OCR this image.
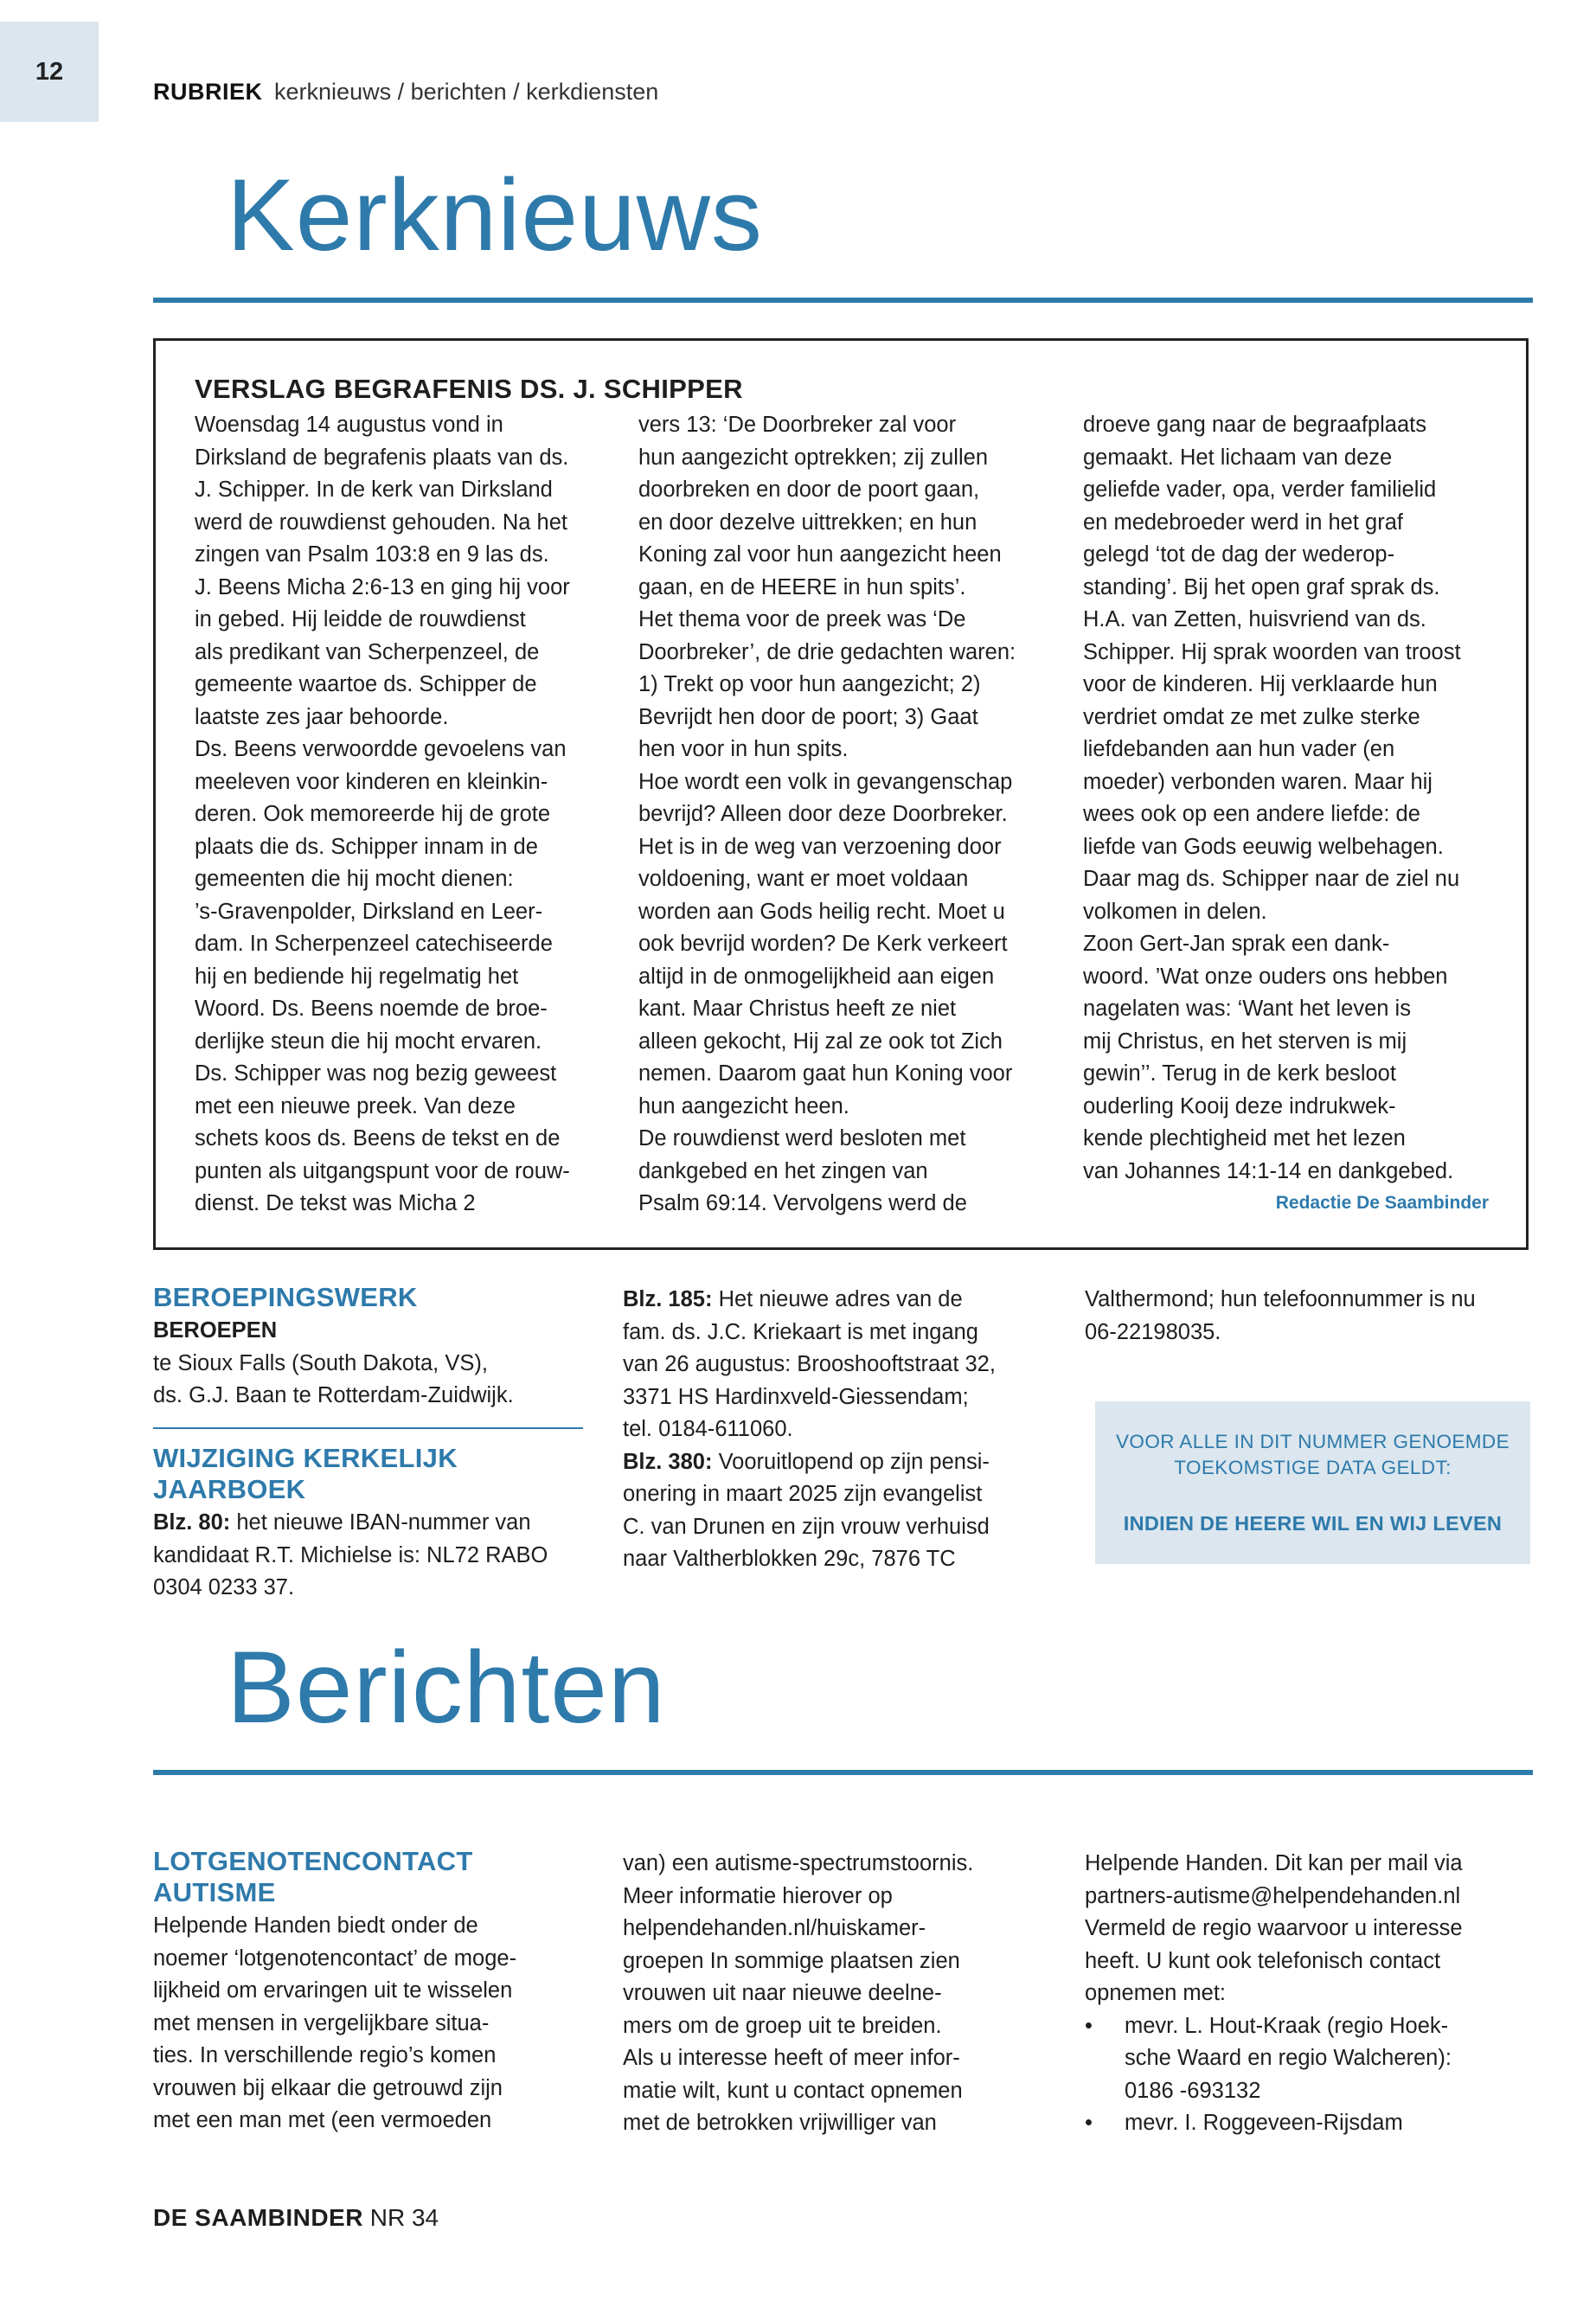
12
RUBRIEK kerknieuws / berichten / kerkdiensten
Kerknieuws
VERSLAG BEGRAFENIS DS. J. SCHIPPER
Woensdag 14 augustus vond in
Dirksland de begrafenis plaats van ds.
J. Schipper. In de kerk van Dirksland
werd de rouwdienst gehouden. Na het
zingen van Psalm 103:8 en 9 las ds.
J. Beens Micha 2:6-13 en ging hij voor
in gebed. Hij leidde de rouwdienst
als predikant van Scherpenzeel, de
gemeente waartoe ds. Schipper de
laatste zes jaar behoorde.
Ds. Beens verwoordde gevoelens van
meeleven voor kinderen en kleinkin-
deren. Ook memoreerde hij de grote
plaats die ds. Schipper innam in de
gemeenten die hij mocht dienen:
’s-Gravenpolder, Dirksland en Leer-
dam. In Scherpenzeel catechiseerde
hij en bediende hij regelmatig het
Woord. Ds. Beens noemde de broe-
derlijke steun die hij mocht ervaren.
Ds. Schipper was nog bezig geweest
met een nieuwe preek. Van deze
schets koos ds. Beens de tekst en de
punten als uitgangspunt voor de rouw-
dienst. De tekst was Micha 2
vers 13: ‘De Doorbreker zal voor
hun aangezicht optrekken; zij zullen
doorbreken en door de poort gaan,
en door dezelve uittrekken; en hun
Koning zal voor hun aangezicht heen
gaan, en de HEERE in hun spits’.
Het thema voor de preek was ‘De
Doorbreker’, de drie gedachten waren:
1) Trekt op voor hun aangezicht; 2)
Bevrijdt hen door de poort; 3) Gaat
hen voor in hun spits.
Hoe wordt een volk in gevangenschap
bevrijd? Alleen door deze Doorbreker.
Het is in de weg van verzoening door
voldoening, want er moet voldaan
worden aan Gods heilig recht. Moet u
ook bevrijd worden? De Kerk verkeert
altijd in de onmogelijkheid aan eigen
kant. Maar Christus heeft ze niet
alleen gekocht, Hij zal ze ook tot Zich
nemen. Daarom gaat hun Koning voor
hun aangezicht heen.
De rouwdienst werd besloten met
dankgebed en het zingen van
Psalm 69:14. Vervolgens werd de
droeve gang naar de begraafplaats
gemaakt. Het lichaam van deze
geliefde vader, opa, verder familielid
en medebroeder werd in het graf
gelegd ‘tot de dag der wederop-
standing’. Bij het open graf sprak ds.
H.A. van Zetten, huisvriend van ds.
Schipper. Hij sprak woorden van troost
voor de kinderen. Hij verklaarde hun
verdriet omdat ze met zulke sterke
liefdebanden aan hun vader (en
moeder) verbonden waren. Maar hij
wees ook op een andere liefde: de
liefde van Gods eeuwig welbehagen.
Daar mag ds. Schipper naar de ziel nu
volkomen in delen.
Zoon Gert-Jan sprak een dank-
woord. ’Wat onze ouders ons hebben
nagelaten was: ‘Want het leven is
mij Christus, en het sterven is mij
gewin’’. Terug in de kerk besloot
ouderling Kooij deze indrukwek-
kende plechtigheid met het lezen
van Johannes 14:1-14 en dankgebed.
Redactie De Saambinder
BEROEPINGSWERK
BEROEPEN
te Sioux Falls (South Dakota, VS),
ds. G.J. Baan te Rotterdam-Zuidwijk.
WIJZIGING KERKELIJK JAARBOEK
Blz. 80: het nieuwe IBAN-nummer van
kandidaat R.T. Michielse is: NL72 RABO
0304 0233 37.
Blz. 185: Het nieuwe adres van de
fam. ds. J.C. Kriekaart is met ingang
van 26 augustus: Brooshooftstraat 32,
3371 HS Hardinxveld-Giessendam;
tel. 0184-611060.
Blz. 380: Vooruitlopend op zijn pensi-
onering in maart 2025 zijn evangelist
C. van Drunen en zijn vrouw verhuisd
naar Valtherblokken 29c, 7876 TC
Valthermond; hun telefoonnummer is nu
06-22198035.
VOOR ALLE IN DIT NUMMER GENOEMDE
TOEKOMSTIGE DATA GELDT:
INDIEN DE HEERE WIL EN WIJ LEVEN
Berichten
LOTGENOTENCONTACT
AUTISME
Helpende Handen biedt onder de
noemer ‘lotgenotencontact’ de moge-
lijkheid om ervaringen uit te wisselen
met mensen in vergelijkbare situa-
ties. In verschillende regio’s komen
vrouwen bij elkaar die getrouwd zijn
met een man met (een vermoeden
van) een autisme-spectrumstoornis.
Meer informatie hierover op
helpendehanden.nl/huiskamer-
groepen In sommige plaatsen zien
vrouwen uit naar nieuwe deelne-
mers om de groep uit te breiden.
Als u interesse heeft of meer infor-
matie wilt, kunt u contact opnemen
met de betrokken vrijwilliger van
Helpende Handen. Dit kan per mail via
partners-autisme@helpendehanden.nl
Vermeld de regio waarvoor u interesse
heeft. U kunt ook telefonisch contact
opnemen met:
• mevr. L. Hout-Kraak (regio Hoek-
sche Waard en regio Walcheren):
0186 -693132
• mevr. I. Roggeveen-Rijsdam
DE SAAMBINDER NR 34
